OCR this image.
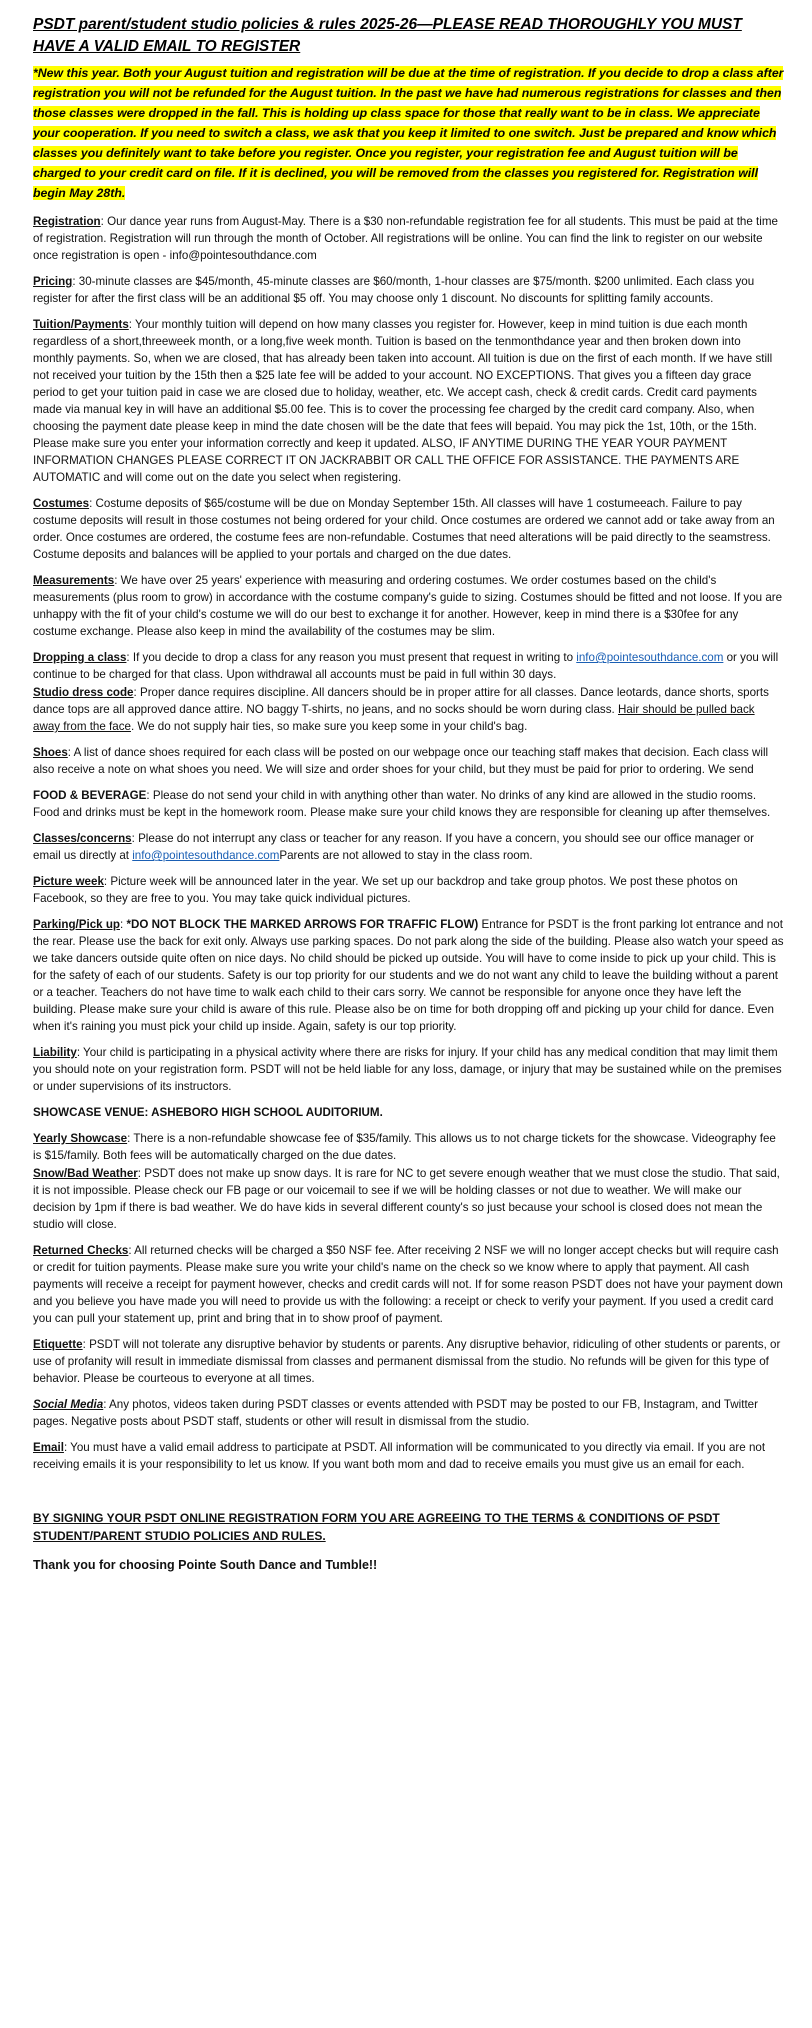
PSDT parent/student studio policies & rules 2025-26—PLEASE READ THOROUGHLY YOU MUST HAVE A VALID EMAIL TO REGISTER
*New this year. Both your August tuition and registration will be due at the time of registration. If you decide to drop a class after registration you will not be refunded for the August tuition. In the past we have had numerous registrations for classes and then those classes were dropped in the fall. This is holding up class space for those that really want to be in class. We appreciate your cooperation. If you need to switch a class, we ask that you keep it limited to one switch. Just be prepared and know which classes you definitely want to take before you register. Once you register, your registration fee and August tuition will be charged to your credit card on file. If it is declined, you will be removed from the classes you registered for. Registration will begin May 28th.
Registration: Our dance year runs from August-May. There is a $30 non-refundable registration fee for all students. This must be paid at the time of registration. Registration will run through the month of October. All registrations will be online. You can find the link to register on our website once registration is open - info@pointesouthdance.com
Pricing: 30-minute classes are $45/month, 45-minute classes are $60/month, 1-hour classes are $75/month. $200 unlimited. Each class you register for after the first class will be an additional $5 off. You may choose only 1 discount. No discounts for splitting family accounts.
Tuition/Payments: Your monthly tuition will depend on how many classes you register for. However, keep in mind tuition is due each month regardless of a short,threeweek month, or a long,five week month. Tuition is based on the tenmonthdance year and then broken down into monthly payments. So, when we are closed, that has already been taken into account. All tuition is due on the first of each month. If we have still not received your tuition by the 15th then a $25 late fee will be added to your account. NO EXCEPTIONS. That gives you a fifteen day grace period to get your tuition paid in case we are closed due to holiday, weather, etc. We accept cash, check & credit cards. Credit card payments made via manual key in will have an additional $5.00 fee. This is to cover the processing fee charged by the credit card company. Also, when choosing the payment date please keep in mind the date chosen will be the date that fees will bepaid. You may pick the 1st, 10th, or the 15th. Please make sure you enter your information correctly and keep it updated. ALSO, IF ANYTIME DURING THE YEAR YOUR PAYMENT INFORMATION CHANGES PLEASE CORRECT IT ON JACKRABBIT OR CALL THE OFFICE FOR ASSISTANCE. THE PAYMENTS ARE AUTOMATIC and will come out on the date you select when registering.
Costumes: Costume deposits of $65/costume will be due on Monday September 15th. All classes will have 1 costumeeach. Failure to pay costume deposits will result in those costumes not being ordered for your child. Once costumes are ordered we cannot add or take away from an order. Once costumes are ordered, the costume fees are non-refundable. Costumes that need alterations will be paid directly to the seamstress. Costume deposits and balances will be applied to your portals and charged on the due dates.
Measurements: We have over 25 years' experience with measuring and ordering costumes. We order costumes based on the child's measurements (plus room to grow) in accordance with the costume company's guide to sizing. Costumes should be fitted and not loose. If you are unhappy with the fit of your child's costume we will do our best to exchange it for another. However, keep in mind there is a $30fee for any costume exchange. Please also keep in mind the availability of the costumes may be slim.
Dropping a class: If you decide to drop a class for any reason you must present that request in writing to info@pointesouthdance.com or you will continue to be charged for that class. Upon withdrawal all accounts must be paid in full within 30 days.
Studio dress code: Proper dance requires discipline. All dancers should be in proper attire for all classes. Dance leotards, dance shorts, sports dance tops are all approved dance attire. NO baggy T-shirts, no jeans, and no socks should be worn during class. Hair should be pulled back away from the face. We do not supply hair ties, so make sure you keep some in your child's bag.
Shoes: A list of dance shoes required for each class will be posted on our webpage once our teaching staff makes that decision. Each class will also receive a note on what shoes you need. We will size and order shoes for your child, but they must be paid for prior to ordering. We send
FOOD & BEVERAGE: Please do not send your child in with anything other than water. No drinks of any kind are allowed in the studio rooms. Food and drinks must be kept in the homework room. Please make sure your child knows they are responsible for cleaning up after themselves.
Classes/concerns: Please do not interrupt any class or teacher for any reason. If you have a concern, you should see our office manager or email us directly at info@pointesouthdance.comParents are not allowed to stay in the class room.
Picture week: Picture week will be announced later in the year. We set up our backdrop and take group photos. We post these photos on Facebook, so they are free to you. You may take quick individual pictures.
Parking/Pick up: *DO NOT BLOCK THE MARKED ARROWS FOR TRAFFIC FLOW) Entrance for PSDT is the front parking lot entrance and not the rear. Please use the back for exit only. Always use parking spaces. Do not park along the side of the building. Please also watch your speed as we take dancers outside quite often on nice days. No child should be picked up outside. You will have to come inside to pick up your child. This is for the safety of each of our students. Safety is our top priority for our students and we do not want any child to leave the building without a parent or a teacher. Teachers do not have time to walk each child to their cars sorry. We cannot be responsible for anyone once they have left the building. Please make sure your child is aware of this rule. Please also be on time for both dropping off and picking up your child for dance. Even when it's raining you must pick your child up inside. Again, safety is our top priority.
Liability: Your child is participating in a physical activity where there are risks for injury. If your child has any medical condition that may limit them you should note on your registration form. PSDT will not be held liable for any loss, damage, or injury that may be sustained while on the premises or under supervisions of its instructors.
SHOWCASE VENUE: ASHEBORO HIGH SCHOOL AUDITORIUM.
Yearly Showcase: There is a non-refundable showcase fee of $35/family. This allows us to not charge tickets for the showcase. Videography fee is $15/family. Both fees will be automatically charged on the due dates.
Snow/Bad Weather: PSDT does not make up snow days. It is rare for NC to get severe enough weather that we must close the studio. That said, it is not impossible. Please check our FB page or our voicemail to see if we will be holding classes or not due to weather. We will make our decision by 1pm if there is bad weather. We do have kids in several different county's so just because your school is closed does not mean the studio will close.
Returned Checks: All returned checks will be charged a $50 NSF fee. After receiving 2 NSF we will no longer accept checks but will require cash or credit for tuition payments. Please make sure you write your child's name on the check so we know where to apply that payment. All cash payments will receive a receipt for payment however, checks and credit cards will not. If for some reason PSDT does not have your payment down and you believe you have made you will need to provide us with the following: a receipt or check to verify your payment. If you used a credit card you can pull your statement up, print and bring that in to show proof of payment.
Etiquette: PSDT will not tolerate any disruptive behavior by students or parents. Any disruptive behavior, ridiculing of other students or parents, or use of profanity will result in immediate dismissal from classes and permanent dismissal from the studio. No refunds will be given for this type of behavior. Please be courteous to everyone at all times.
Social Media: Any photos, videos taken during PSDT classes or events attended with PSDT may be posted to our FB, Instagram, and Twitter pages. Negative posts about PSDT staff, students or other will result in dismissal from the studio.
Email: You must have a valid email address to participate at PSDT. All information will be communicated to you directly via email. If you are not receiving emails it is your responsibility to let us know. If you want both mom and dad to receive emails you must give us an email for each.
BY SIGNING YOUR PSDT ONLINE REGISTRATION FORM YOU ARE AGREEING TO THE TERMS & CONDITIONS OF PSDT STUDENT/PARENT STUDIO POLICIES AND RULES.
Thank you for choosing Pointe South Dance and Tumble!!
